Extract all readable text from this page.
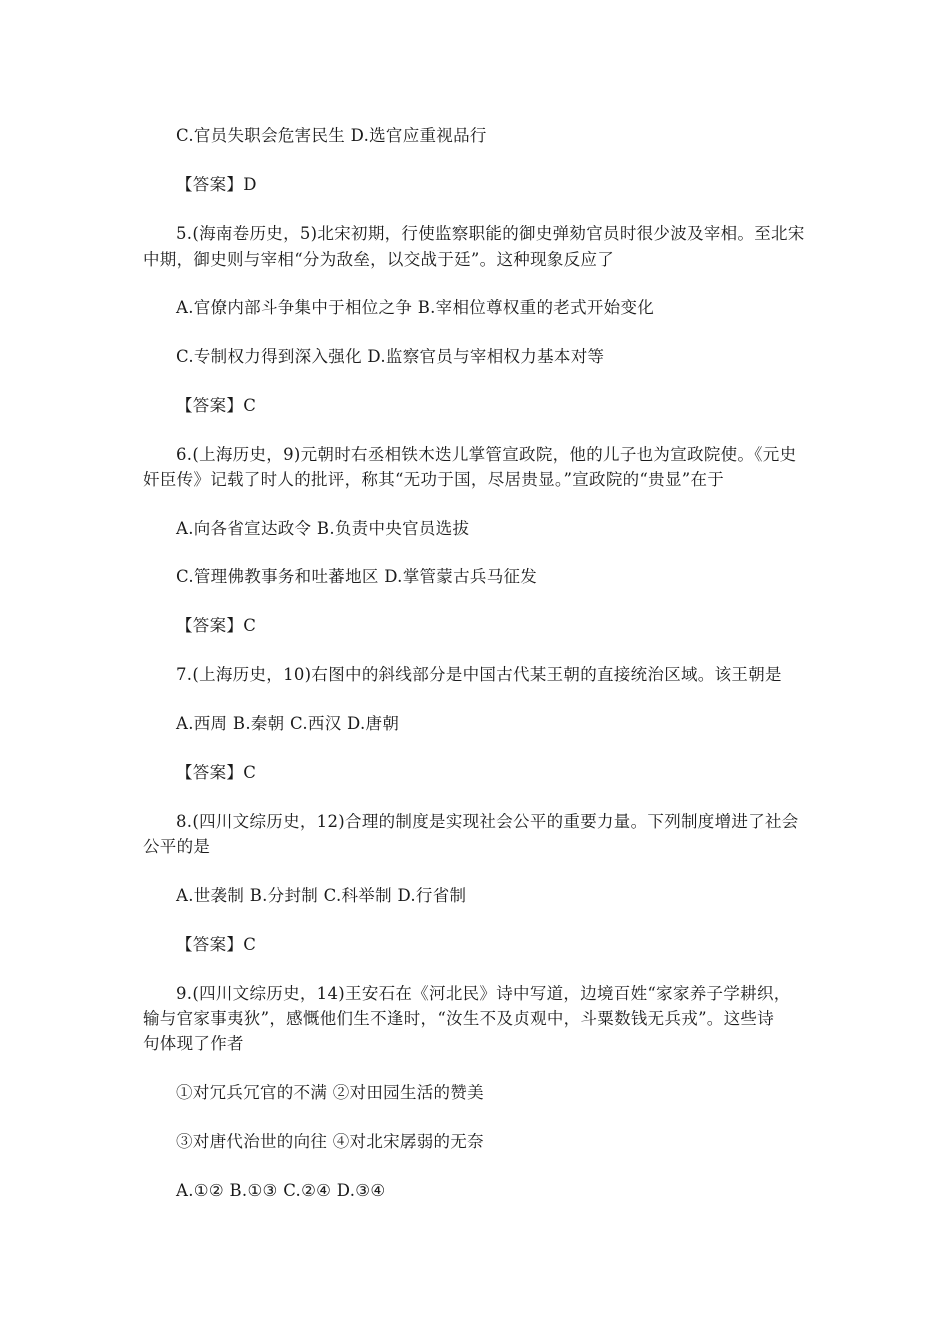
C.官员失职会危害民生 D.选官应重视品行
【答案】D
5.(海南卷历史，5)北宋初期，行使监察职能的御史弹劾官员时很少波及宰相。至北宋
中期，御史则与宰相“分为敌垒，以交战于廷”。这种现象反应了
A.官僚内部斗争集中于相位之争 B.宰相位尊权重的老式开始变化
C.专制权力得到深入强化 D.监察官员与宰相权力基本对等
【答案】C
6.(上海历史，9)元朝时右丞相铁木迭儿掌管宣政院，他的儿子也为宣政院使。《元史
奸臣传》记载了时人的批评，称其“无功于国，尽居贵显。”宣政院的“贵显”在于
A.向各省宣达政令 B.负责中央官员选拔
C.管理佛教事务和吐蕃地区 D.掌管蒙古兵马征发
【答案】C
7.(上海历史，10)右图中的斜线部分是中国古代某王朝的直接统治区域。该王朝是
A.西周 B.秦朝 C.西汉 D.唐朝
【答案】C
8.(四川文综历史，12)合理的制度是实现社会公平的重要力量。下列制度增进了社会
公平的是
A.世袭制 B.分封制 C.科举制 D.行省制
【答案】C
9.(四川文综历史，14)王安石在《河北民》诗中写道，边境百姓“家家养子学耕织，
输与官家事夷狄”，感慨他们生不逢时，“汝生不及贞观中，斗粟数钱无兵戎”。这些诗
句体现了作者
①对冗兵冗官的不满 ②对田园生活的赞美
③对唐代治世的向往 ④对北宋孱弱的无奈
A.①② B.①③ C.②④ D.③④
